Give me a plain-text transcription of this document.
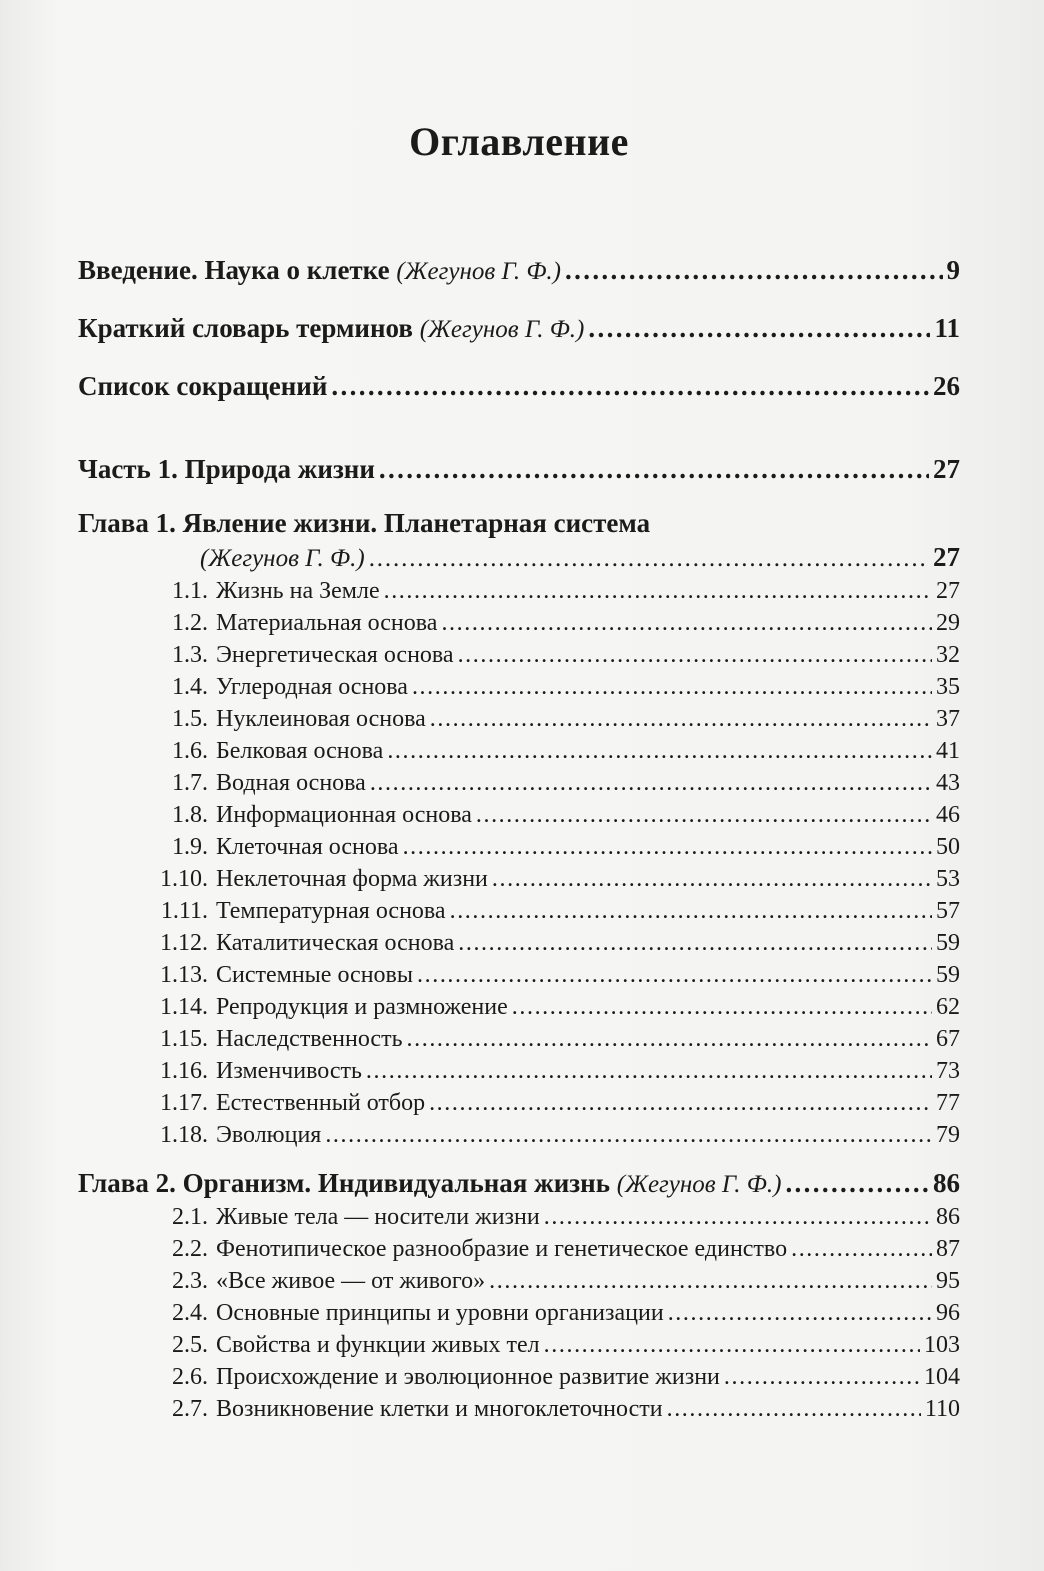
Оглавление
Введение. Наука о клетке (Жегунов Г. Ф.) . . .	9
Краткий словарь терминов (Жегунов Г. Ф.) . . .	11
Список сокращений . . .	26
Часть 1. Природа жизни . . .	27
Глава 1. Явление жизни. Планетарная система
(Жегунов Г. Ф.) . . .	27
1.1. Жизнь на Земле . . .	27
1.2. Материальная основа . . .	29
1.3. Энергетическая основа . . .	32
1.4. Углеродная основа . . .	35
1.5. Нуклеиновая основа . . .	37
1.6. Белковая основа . . .	41
1.7. Водная основа . . .	43
1.8. Информационная основа . . .	46
1.9. Клеточная основа . . .	50
1.10. Неклеточная форма жизни . . .	53
1.11. Температурная основа . . .	57
1.12. Каталитическая основа . . .	59
1.13. Системные основы . . .	59
1.14. Репродукция и размножение . . .	62
1.15. Наследственность . . .	67
1.16. Изменчивость . . .	73
1.17. Естественный отбор . . .	77
1.18. Эволюция . . .	79
Глава 2. Организм. Индивидуальная жизнь (Жегунов Г. Ф.) . . .	86
2.1. Живые тела — носители жизни . . .	86
2.2. Фенотипическое разнообразие и генетическое единство . . .	87
2.3. «Все живое — от живого» . . .	95
2.4. Основные принципы и уровни организации . . .	96
2.5. Свойства и функции живых тел . . .	103
2.6. Происхождение и эволюционное развитие жизни . . .	104
2.7. Возникновение клетки и многоклеточности . . .	110
